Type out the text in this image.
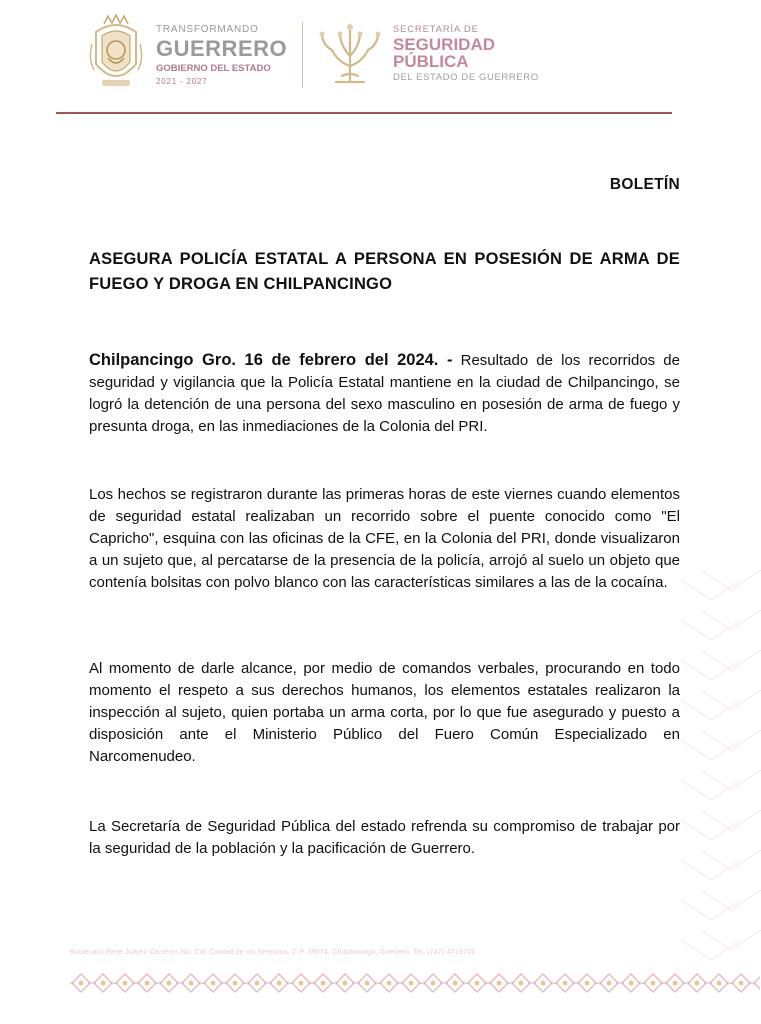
TRANSFORMANDO
GUERRERO
GOBIERNO DEL ESTADO
2021 - 2027
SECRETARÍA DE
SEGURIDAD
PÚBLICA
DEL ESTADO DE GUERRERO
BOLETÍN
ASEGURA POLICÍA ESTATAL A PERSONA EN POSESIÓN DE ARMA DE FUEGO Y DROGA EN CHILPANCINGO
Chilpancingo Gro. 16 de febrero del 2024. - Resultado de los recorridos de seguridad y vigilancia que la Policía Estatal mantiene en la ciudad de Chilpancingo, se logró la detención de una persona del sexo masculino en posesión de arma de fuego y presunta droga, en las inmediaciones de la Colonia del PRI.
Los hechos se registraron durante las primeras horas de este viernes cuando elementos de seguridad estatal realizaban un recorrido sobre el puente conocido como "El Capricho", esquina con las oficinas de la CFE, en la Colonia del PRI, donde visualizaron a un sujeto que, al percatarse de la presencia de la policía, arrojó al suelo un objeto que contenía bolsitas con polvo blanco con las características similares a las de la cocaína.
Al momento de darle alcance, por medio de comandos verbales, procurando en todo momento el respeto a sus derechos humanos, los elementos estatales realizaron la inspección al sujeto, quien portaba un arma corta, por lo que fue asegurado y puesto a disposición ante el Ministerio Público del Fuero Común Especializado en Narcomenudeo.
La Secretaría de Seguridad Pública del estado refrenda su compromiso de trabajar por la seguridad de la población y la pacificación de Guerrero.
Boulevard René Juárez Cisneros No. Col. Ciudad de los Servicios, C.P. 39074, Chilpancingo, Guerrero. Tel. (747) 4719726
